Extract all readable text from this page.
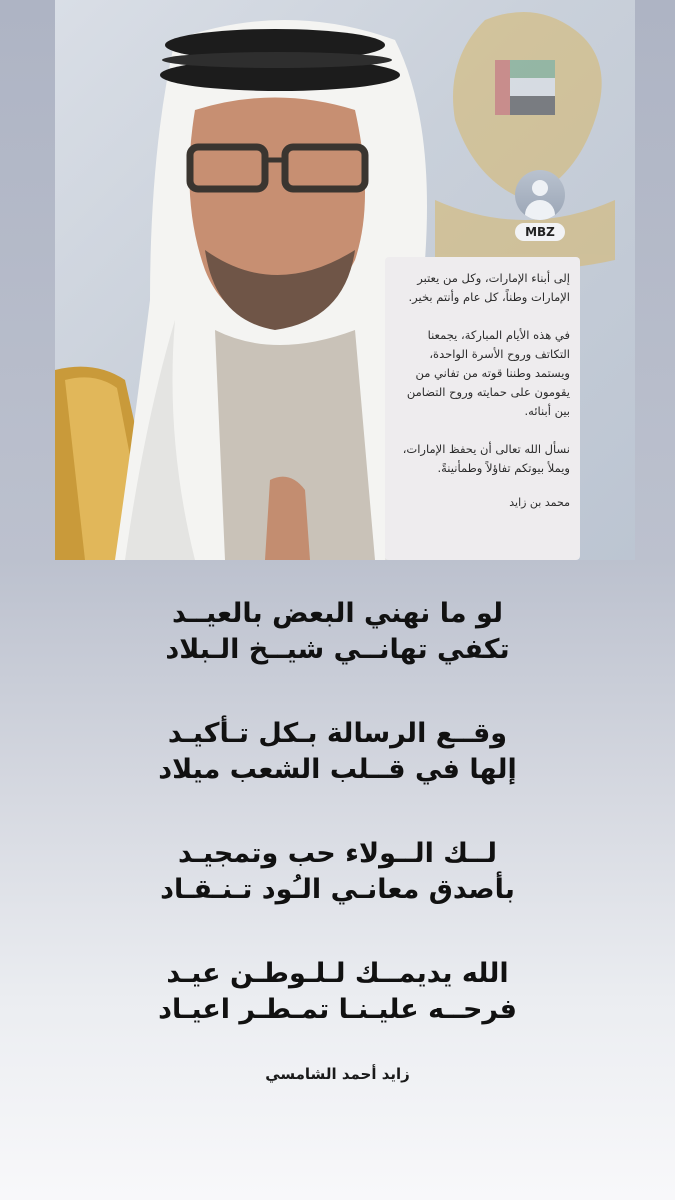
MBZ

إلى أبناء الإمارات، وكل من يعتبر الإمارات وطناً، كل عام وأنتم بخير.

في هذه الأيام المباركة، يجمعنا التكاتف وروح الأسرة الواحدة، ويستمد وطننا قوته من تفاني من يقومون على حمايته وروح التضامن بين أبنائه.

نسأل الله تعالى أن يحفظ الإمارات، ويملأ بيوتكم تفاؤلاً وطمأنينةً.

محمد بن زايد

لو ما نهني البعض بالعيــد
تكفي تهانــي شيــخ الـبلاد
وقــع الرسالة بـكل تـأكيـد
إلها في قــلب الشعب ميلاد
لــك الــولاء حب وتمجيـد
بأصدق معانـي الـُود تـنـقـاد
الله يديمــك لـلـوطـن عيـد
فرحــه عليـنـا تمـطـر اعيـاد
زايد أحمد الشامسي
